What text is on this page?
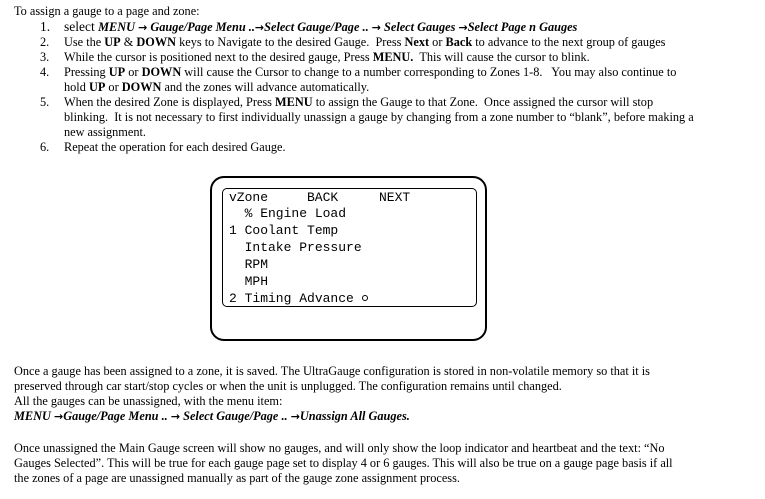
To assign a gauge to a page and zone:
1. select MENU → Gauge/Page Menu ..→Select Gauge/Page .. → Select Gauges →Select Page n Gauges
2. Use the UP & DOWN keys to Navigate to the desired Gauge.  Press Next or Back to advance to the next group of gauges
3. While the cursor is positioned next to the desired gauge, Press MENU.  This will cause the cursor to blink.
4. Pressing UP or DOWN will cause the Cursor to change to a number corresponding to Zones 1-8.   You may also continue to
hold UP or DOWN and the zones will advance automatically.
5. When the desired Zone is displayed, Press MENU to assign the Gauge to that Zone.  Once assigned the cursor will stop
blinking.  It is not necessary to first individually unassign a gauge by changing from a zone number to “blank”, before making a
new assignment.
6. Repeat the operation for each desired Gauge.
vZone	BACK	NEXT
% Engine Load
1 Coolant Temp
Intake Pressure
RPM
MPH
2 Timing Advance
Once a gauge has been assigned to a zone, it is saved. The UltraGauge configuration is stored in non-volatile memory so that it is
preserved through car start/stop cycles or when the unit is unplugged. The configuration remains until changed.
All the gauges can be unassigned, with the menu item:
MENU →Gauge/Page Menu .. → Select Gauge/Page .. →Unassign All Gauges.
Once unassigned the Main Gauge screen will show no gauges, and will only show the loop indicator and heartbeat and the text: “No
Gauges Selected”. This will be true for each gauge page set to display 4 or 6 gauges. This will also be true on a gauge page basis if all
the zones of a page are unassigned manually as part of the gauge zone assignment process.
